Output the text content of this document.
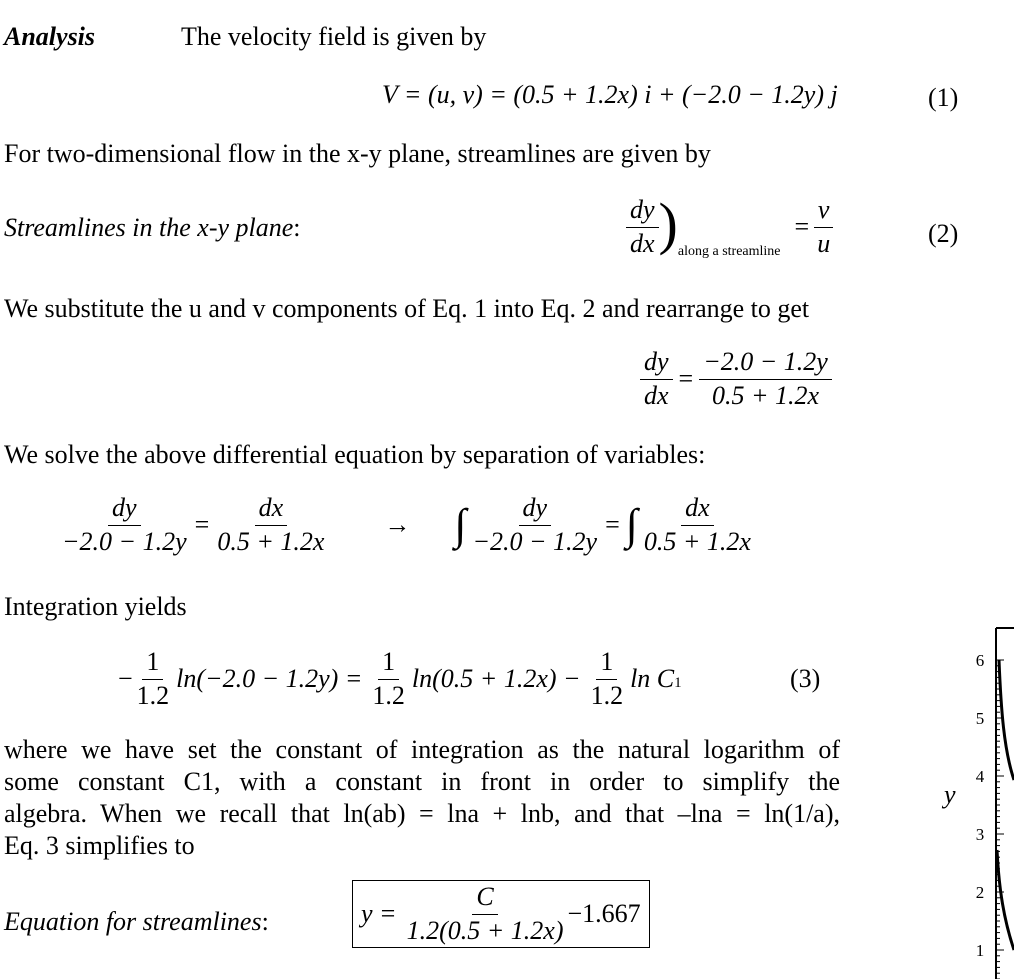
Analysis	The velocity field is given by
V = (u, v) = (0.5 + 1.2x) i + (−2.0 − 1.2y) j	(1)
For two-dimensional flow in the x-y plane, streamlines are given by
Streamlines in the x-y plane:	$\frac{dy}{dx}$ ) along a streamline
= $\frac{v}{u}$	(2)
We substitute the u and v components of Eq. 1 into Eq. 2 and rearrange to get
$\frac{dy}{dx} = \frac{-2.0 - 1.2y}{0.5 + 1.2x}$
We solve the above differential equation by separation of variables:
$\frac{dy}{-2.0 - 1.2y} = \frac{dx}{0.5 + 1.2x}$ → ∫ $\frac{dy}{-2.0 - 1.2y}$ = ∫ $\frac{dx}{0.5 + 1.2x}$
Integration yields
− $\frac{1}{1.2} \ln(-2.0 - 1.2y) = \frac{1}{1.2} \ln(0.5 + 1.2x) - \frac{1}{1.2}$ ln C 1	(3)
where we have set the constant of integration as the natural logarithm of
some constant C1, with a constant in front in order to simplify the
algebra. When we recall that ln(ab) = lna + lnb, and that –lna = ln(1/a),
Eq. 3 simplifies to
Equation for streamlines:	$y = \frac{C}{1.2(0.5 + 1.2x)} -1.667$
y
6
5
4
3
2
1
